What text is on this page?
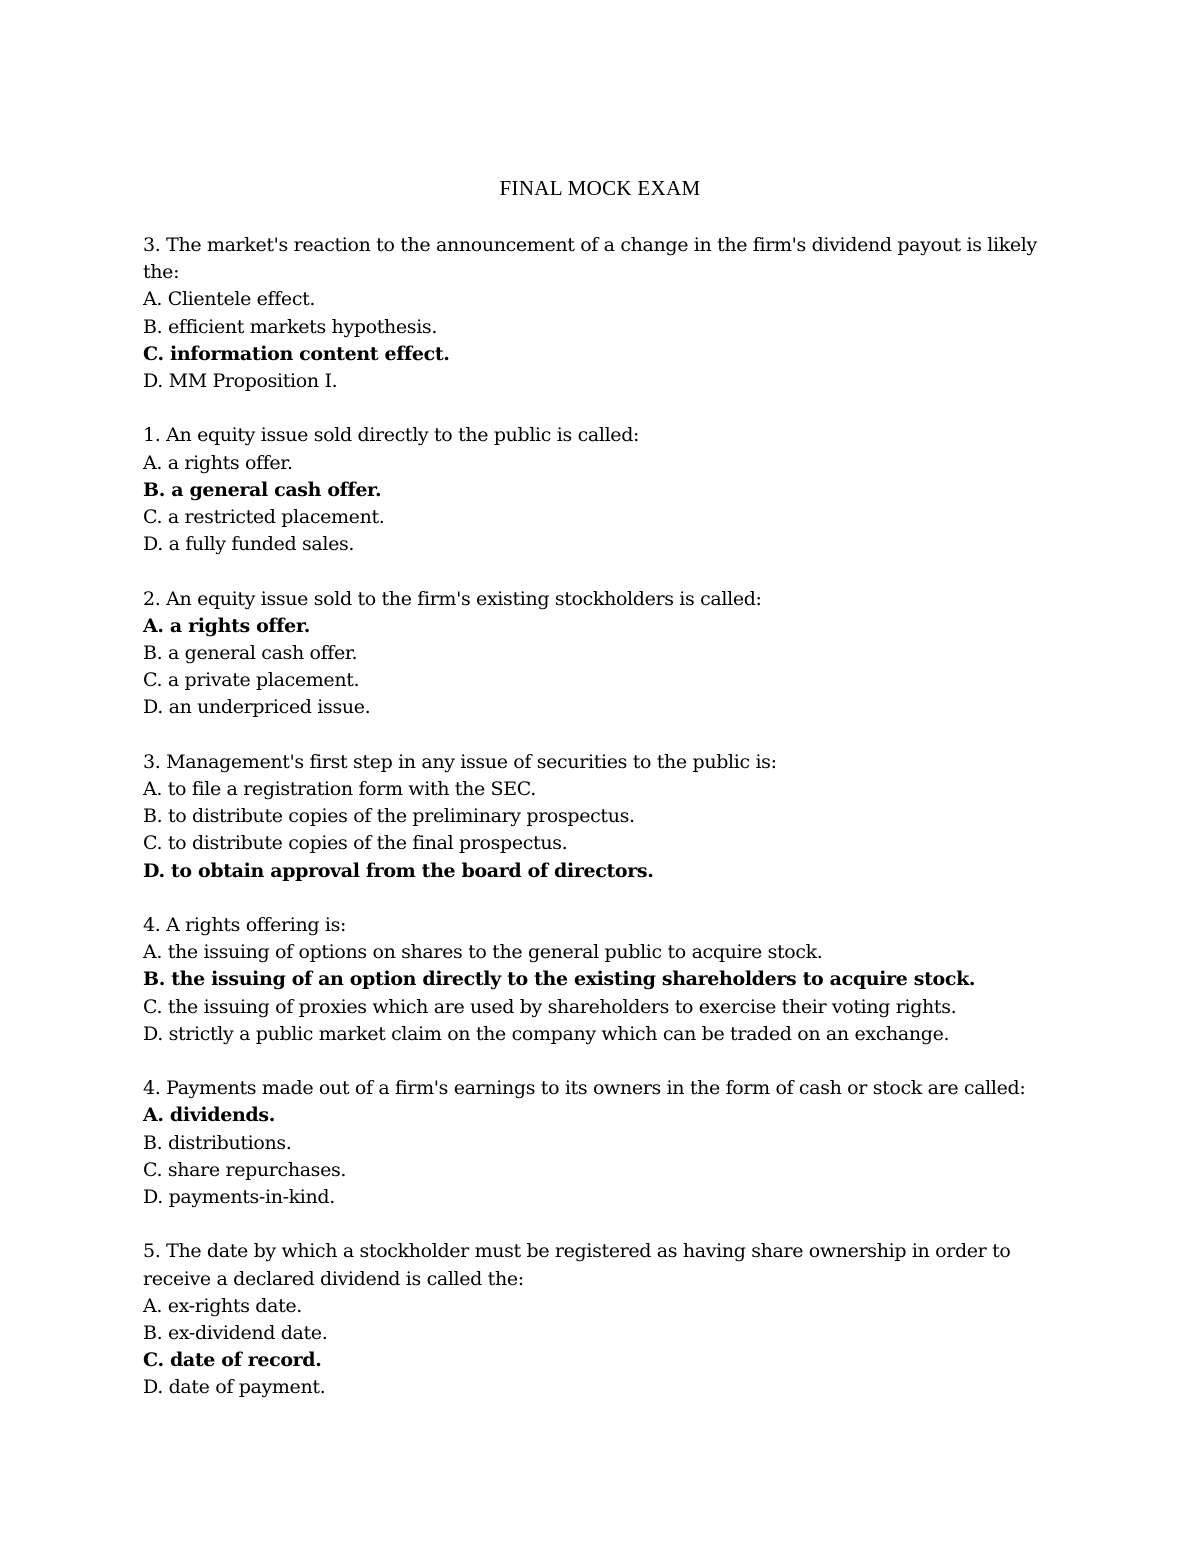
FINAL MOCK EXAM
3. The market's reaction to the announcement of a change in the firm's dividend payout is likely the:
A. Clientele effect.
B. efficient markets hypothesis.
C. information content effect.
D. MM Proposition I.
1. An equity issue sold directly to the public is called:
A. a rights offer.
B. a general cash offer.
C. a restricted placement.
D. a fully funded sales.
2. An equity issue sold to the firm's existing stockholders is called:
A. a rights offer.
B. a general cash offer.
C. a private placement.
D. an underpriced issue.
3. Management's first step in any issue of securities to the public is:
A. to file a registration form with the SEC.
B. to distribute copies of the preliminary prospectus.
C. to distribute copies of the final prospectus.
D. to obtain approval from the board of directors.
4. A rights offering is:
A. the issuing of options on shares to the general public to acquire stock.
B. the issuing of an option directly to the existing shareholders to acquire stock.
C. the issuing of proxies which are used by shareholders to exercise their voting rights.
D. strictly a public market claim on the company which can be traded on an exchange.
4. Payments made out of a firm's earnings to its owners in the form of cash or stock are called:
A. dividends.
B. distributions.
C. share repurchases.
D. payments-in-kind.
5. The date by which a stockholder must be registered as having share ownership in order to receive a declared dividend is called the:
A. ex-rights date.
B. ex-dividend date.
C. date of record.
D. date of payment.
